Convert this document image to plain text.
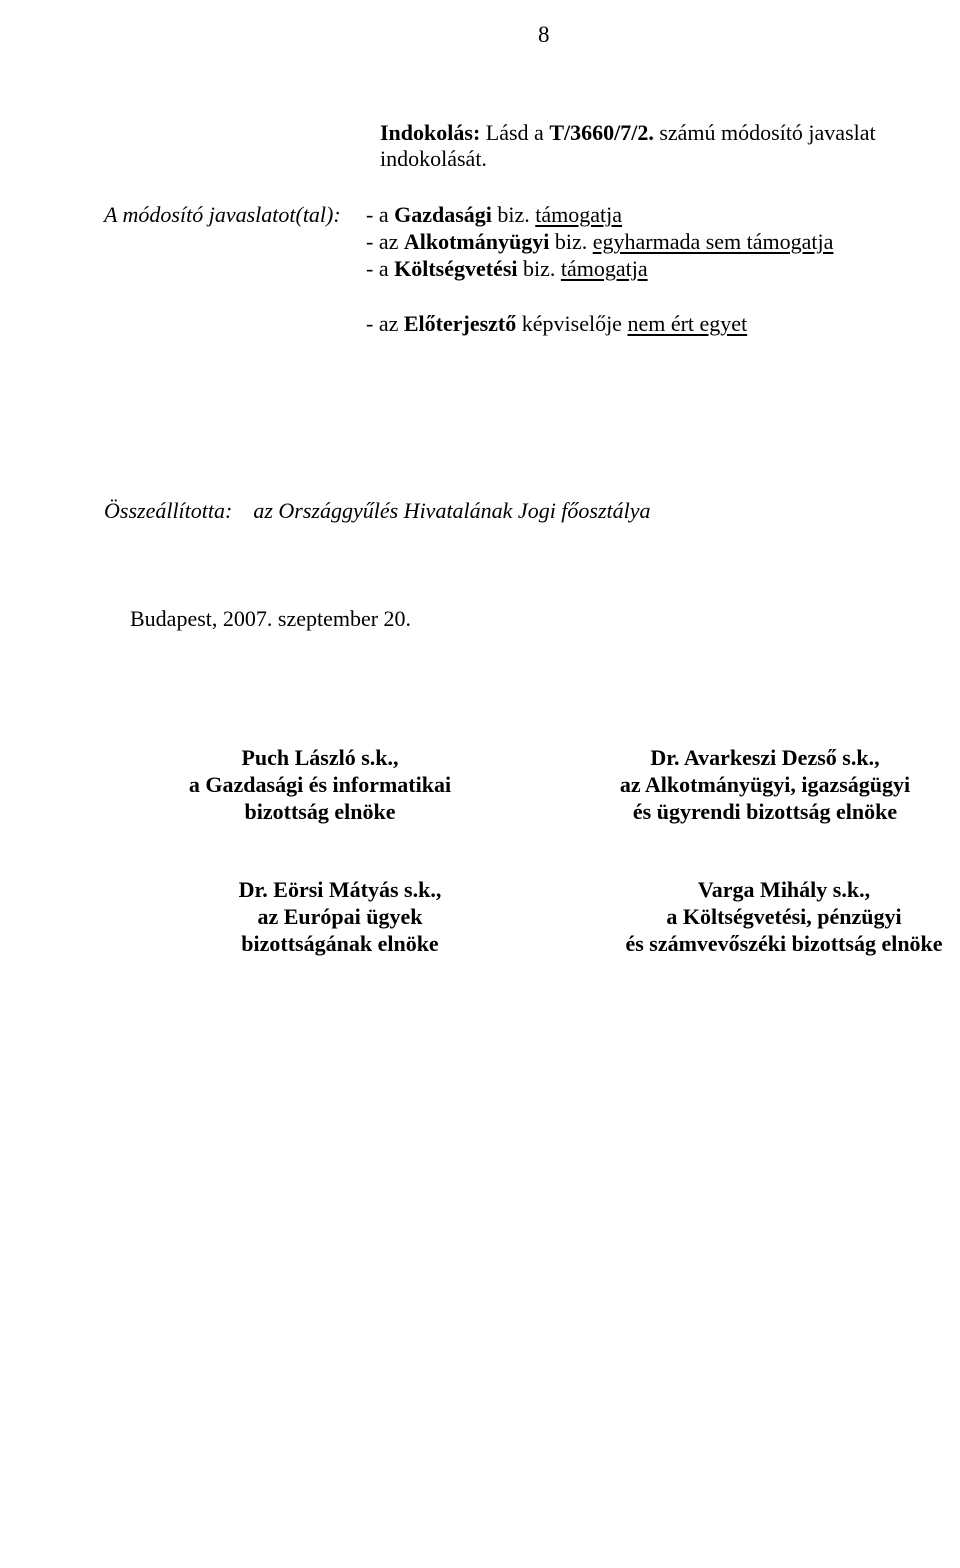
8
Indokolás: Lásd a T/3660/7/2. számú módosító javaslat
indokolását.
A módosító javaslatot(tal): - a Gazdasági biz. támogatja
- az Alkotmányügyi biz. egyharmada sem támogatja
- a Költségvetési biz. támogatja
- az Előterjesztő képviselője nem ért egyet
Összeállította: az Országgyűlés Hivatalának Jogi főosztálya
Budapest, 2007. szeptember 20.
Puch László s.k.,
a Gazdasági és informatikai
bizottság elnöke
Dr. Avarkeszi Dezső s.k.,
az Alkotmányügyi, igazságügyi
és ügyrendi bizottság elnöke
Dr. Eörsi Mátyás s.k.,
az Európai ügyek
bizottságának elnöke
Varga Mihály s.k.,
a Költségvetési, pénzügyi
és számvevőszéki bizottság elnöke
